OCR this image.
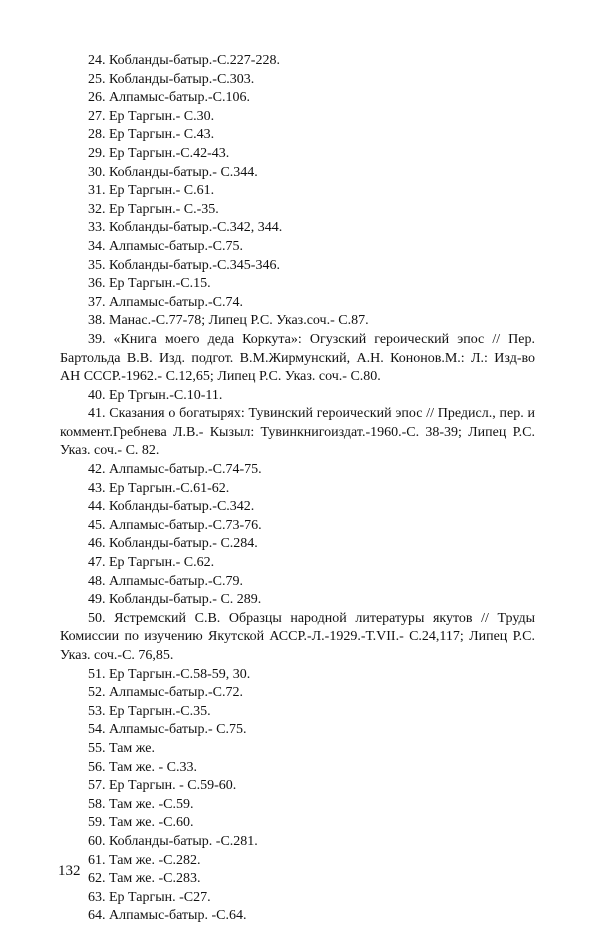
24. Кобланды-батыр.-С.227-228.
25. Кобланды-батыр.-С.303.
26. Алпамыс-батыр.-С.106.
27. Ер Таргын.- С.30.
28. Ер Таргын.- С.43.
29. Ер Таргын.-С.42-43.
30. Кобланды-батыр.- С.344.
31. Ер Таргын.- С.61.
32. Ер Таргын.- С.-35.
33. Кобланды-батыр.-С.342, 344.
34. Алпамыс-батыр.-С.75.
35. Кобланды-батыр.-С.345-346.
36. Ер Таргын.-С.15.
37. Алпамыс-батыр.-С.74.
38. Манас.-С.77-78; Липец Р.С. Указ.соч.- С.87.
39. «Книга моего деда Коркута»: Огузский героический эпос // Пер. Бартольда В.В. Изд. подгот. В.М.Жирмунский, А.Н. Кононов.М.: Л.: Изд-во АН СССР.-1962.- С.12,65; Липец Р.С. Указ. соч.- С.80.
40. Ер Тргын.-С.10-11.
41. Сказания о богатырях: Тувинский героический эпос // Предисл., пер. и коммент.Гребнева Л.В.- Кызыл: Тувинкнигоиздат.-1960.-С. 38-39; Липец Р.С. Указ. соч.- С. 82.
42. Алпамыс-батыр.-С.74-75.
43. Ер Таргын.-С.61-62.
44. Кобланды-батыр.-С.342.
45. Алпамыс-батыр.-С.73-76.
46. Кобланды-батыр.- С.284.
47. Ер Таргын.- С.62.
48. Алпамыс-батыр.-С.79.
49. Кобланды-батыр.- С. 289.
50. Ястремский С.В. Образцы народной литературы якутов // Труды Комиссии по изучению Якутской АССР.-Л.-1929.-Т.VII.- С.24,117; Липец Р.С. Указ. соч.-С. 76,85.
51. Ер Таргын.-С.58-59, 30.
52. Алпамыс-батыр.-С.72.
53. Ер Таргын.-С.35.
54. Алпамыс-батыр.- С.75.
55. Там же.
56. Там же. - С.33.
57. Ер Таргын. - С.59-60.
58. Там же. -С.59.
59. Там же. -С.60.
60. Кобланды-батыр. -С.281.
61. Там же. -С.282.
62. Там же. -С.283.
63. Ер Таргын. -С27.
64. Алпамыс-батыр. -С.64.
132
